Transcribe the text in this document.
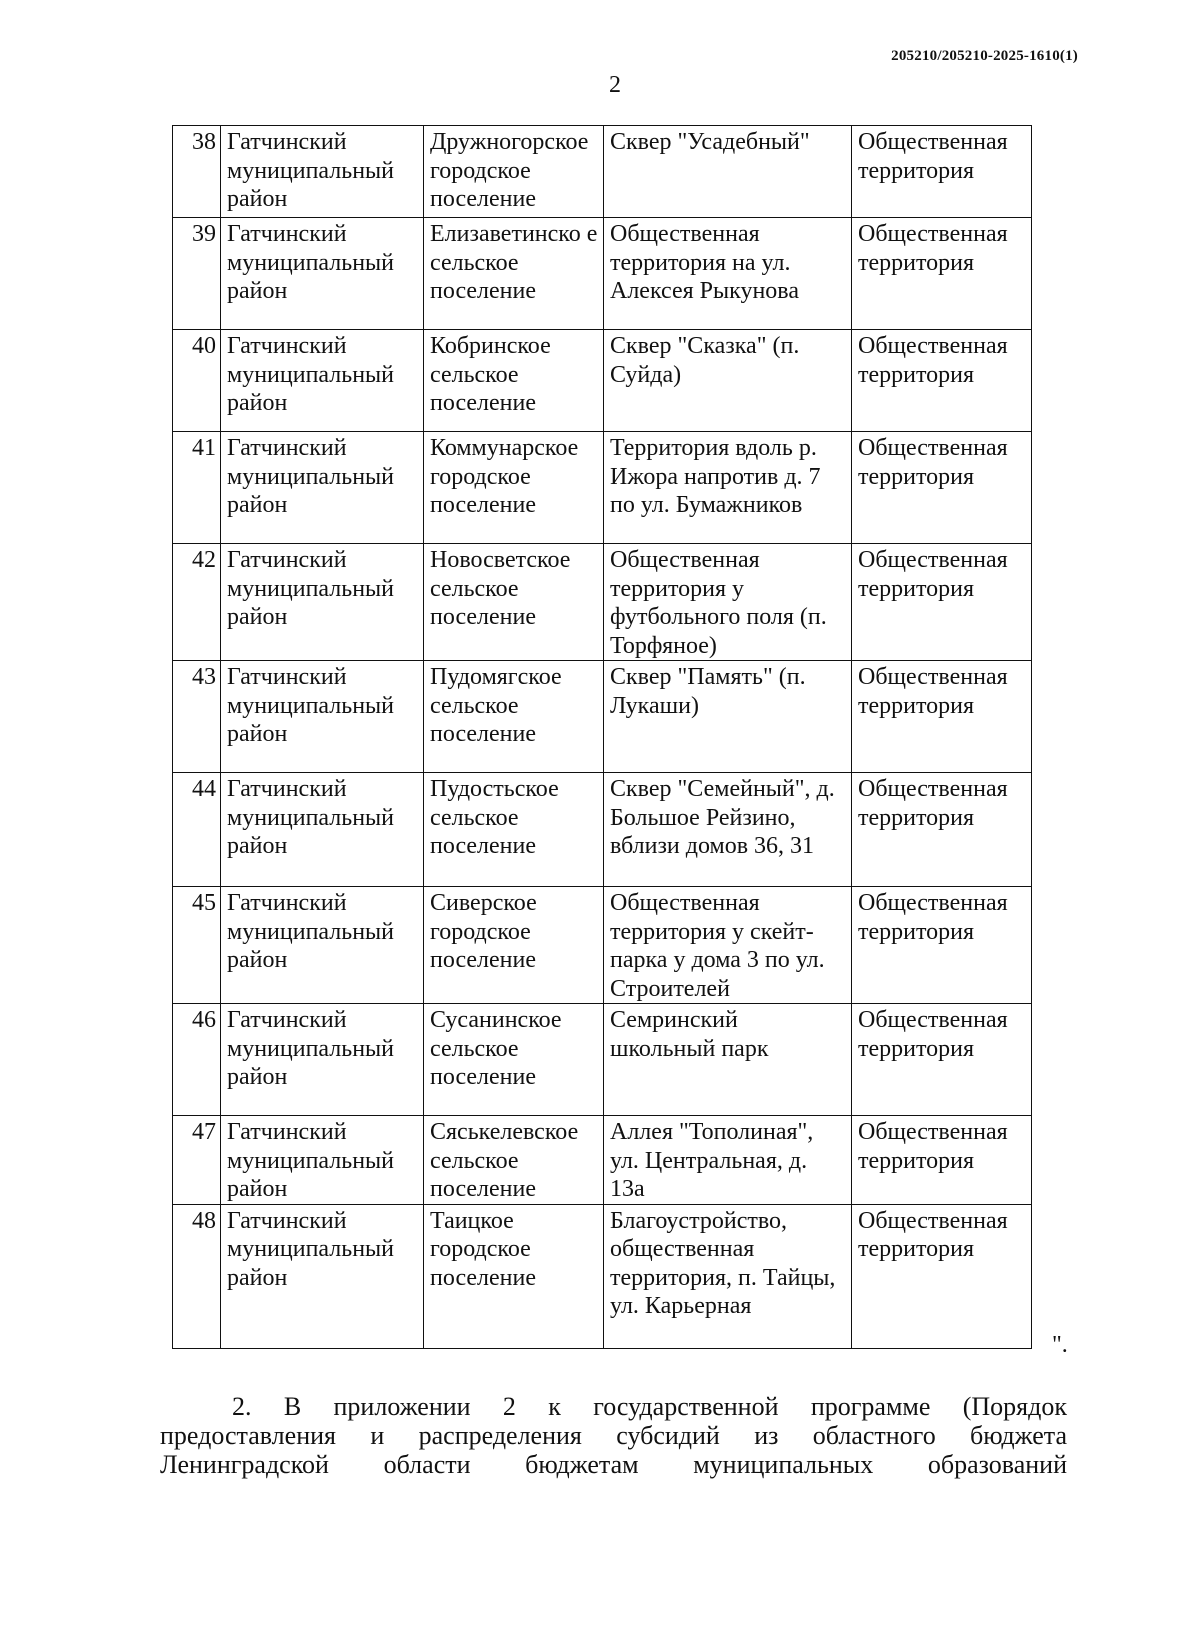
205210/205210-2025-1610(1)
2
38	Гатчинский муниципальный район	Дружногорское городское поселение	Сквер "Усадебный"	Общественная территория
39	Гатчинский муниципальный район	Елизаветинско е сельское поселение	Общественная территория на ул. Алексея Рыкунова	Общественная территория
40	Гатчинский муниципальный район	Кобринское сельское поселение	Сквер "Сказка" (п. Суйда)	Общественная территория
41	Гатчинский муниципальный район	Коммунарское городское поселение	Территория вдоль р. Ижора напротив д. 7 по ул. Бумажников	Общественная территория
42	Гатчинский муниципальный район	Новосветское сельское поселение	Общественная территория у футбольного поля (п. Торфяное)	Общественная территория
43	Гатчинский муниципальный район	Пудомягское сельское поселение	Сквер "Память" (п. Лукаши)	Общественная территория
44	Гатчинский муниципальный район	Пудостьское сельское поселение	Сквер "Семейный", д. Большое Рейзино, вблизи домов 36, 31	Общественная территория
45	Гатчинский муниципальный район	Сиверское городское поселение	Общественная территория у скейт-парка у дома 3 по ул. Строителей	Общественная территория
46	Гатчинский муниципальный район	Сусанинское сельское поселение	Семринский школьный парк	Общественная территория
47	Гатчинский муниципальный район	Сяськелевское сельское поселение	Аллея "Тополиная", ул. Центральная, д. 13а	Общественная территория
48	Гатчинский муниципальный район	Таицкое городское поселение	Благоустройство, общественная территория, п. Тайцы, ул. Карьерная	Общественная территория
".
2. В приложении 2 к государственной программе (Порядок
предоставления и распределения субсидий из областного бюджета
Ленинградской области бюджетам муниципальных образований
